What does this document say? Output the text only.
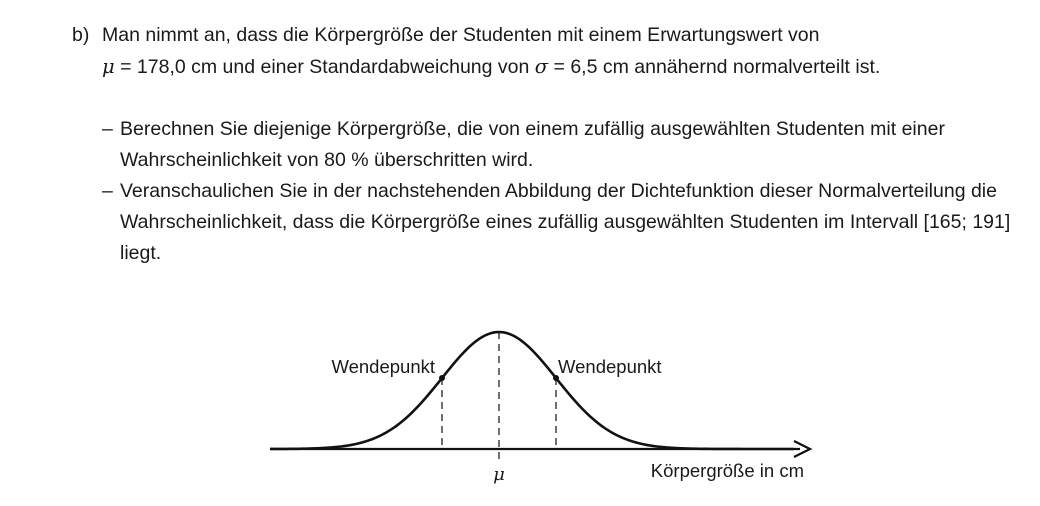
b) Man nimmt an, dass die Körpergröße der Studenten mit einem Erwartungswert von
μ = 178,0 cm und einer Standardabweichung von σ = 6,5 cm annähernd normalverteilt ist.
– Berechnen Sie diejenige Körpergröße, die von einem zufällig ausgewählten Studenten mit einer Wahrscheinlichkeit von 80 % überschritten wird.
– Veranschaulichen Sie in der nachstehenden Abbildung der Dichtefunktion dieser Normalverteilung die Wahrscheinlichkeit, dass die Körpergröße eines zufällig ausgewählten Studenten im Intervall [165; 191] liegt.
Wendepunkt	Wendepunkt
μ	Körpergröße in cm
